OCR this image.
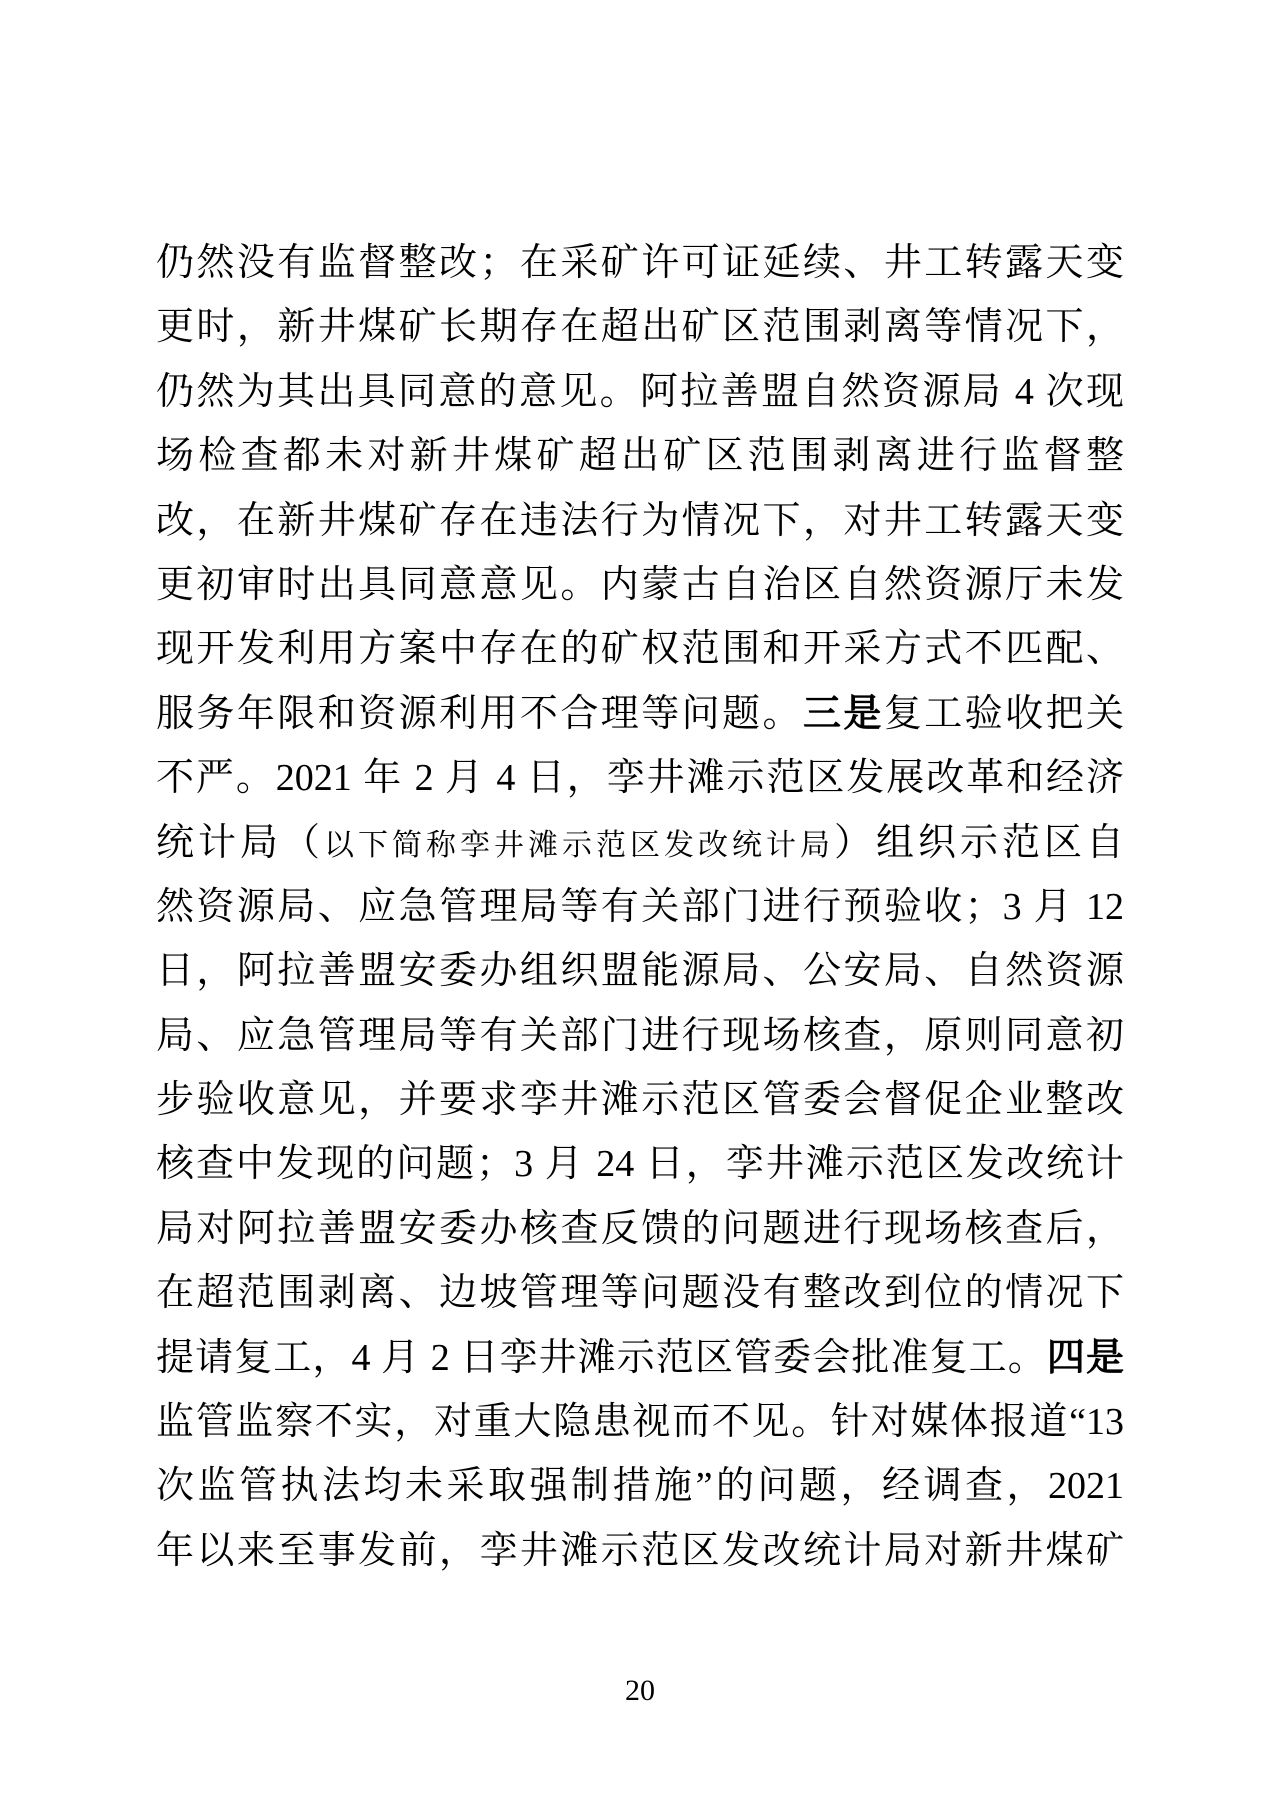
仍然没有监督整改；在采矿许可证延续、井工转露天变
更时，新井煤矿长期存在超出矿区范围剥离等情况下，
仍然为其出具同意的意见。阿拉善盟自然资源局 4 次现
场检查都未对新井煤矿超出矿区范围剥离进行监督整
改，在新井煤矿存在违法行为情况下，对井工转露天变
更初审时出具同意意见。内蒙古自治区自然资源厅未发
现开发利用方案中存在的矿权范围和开采方式不匹配、
服务年限和资源利用不合理等问题。三是复工验收把关
不严。2021 年 2 月 4 日，孪井滩示范区发展改革和经济
统计局（以下简称孪井滩示范区发改统计局）组织示范区自
然资源局、应急管理局等有关部门进行预验收；3 月 12
日，阿拉善盟安委办组织盟能源局、公安局、自然资源
局、应急管理局等有关部门进行现场核查，原则同意初
步验收意见，并要求孪井滩示范区管委会督促企业整改
核查中发现的问题；3 月 24 日，孪井滩示范区发改统计
局对阿拉善盟安委办核查反馈的问题进行现场核查后，
在超范围剥离、边坡管理等问题没有整改到位的情况下
提请复工，4 月 2 日孪井滩示范区管委会批准复工。四是
监管监察不实，对重大隐患视而不见。针对媒体报道“13
次监管执法均未采取强制措施”的问题，经调查，2021
年以来至事发前，孪井滩示范区发改统计局对新井煤矿
20
